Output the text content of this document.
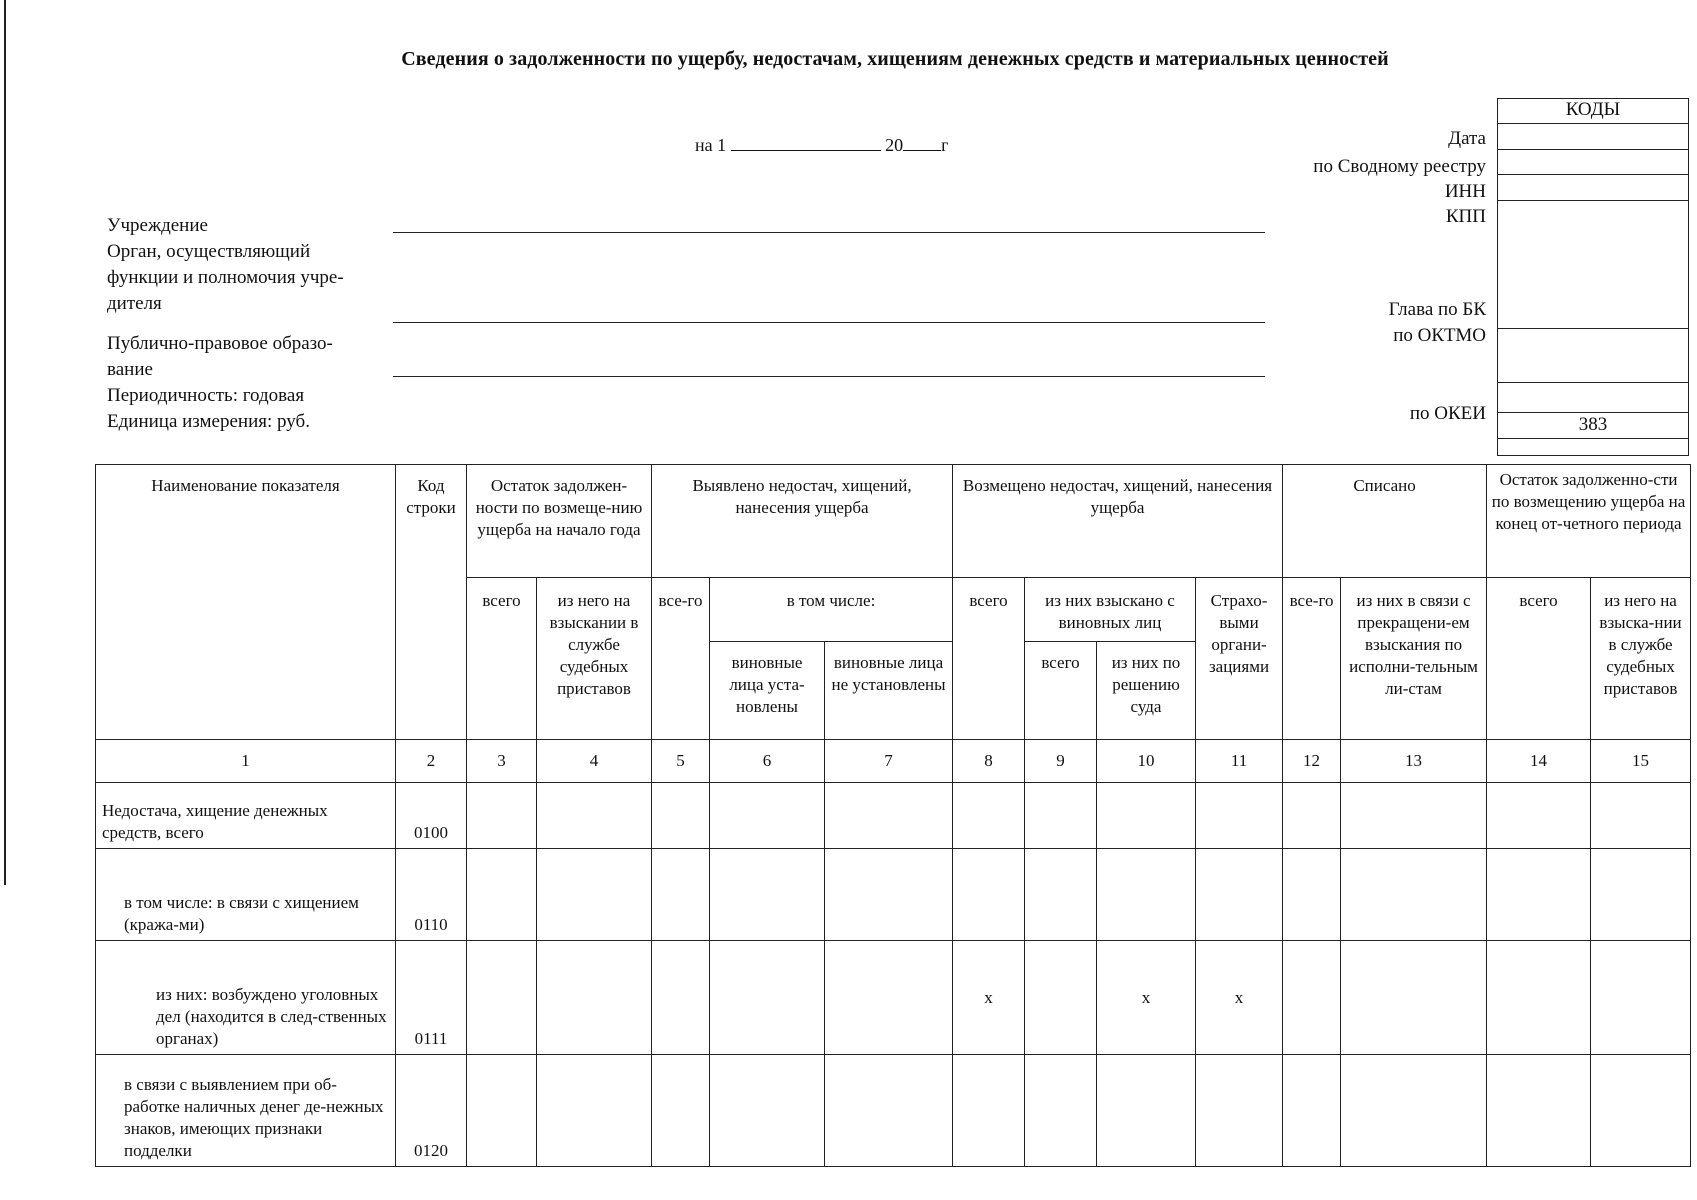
Сведения о задолженности по ущербу, недостачам, хищениям денежных средств и материальных ценностей
на 1	20 г
Учреждение
Орган, осуществляющий
функции и полномочия учре-
дителя
Публично-правовое образо-
вание
Периодичность: годовая
Единица измерения: руб.
Дата
по Сводному реестру
ИНН
КПП
Глава по БК
по ОКТМО
по ОКЕИ
КОДЫ
383
Наименование показателя	Код строки	Остаток задолжен-ности по возмеще-нию ущерба на начало года		Выявлено недостач, хищений, нанесения ущерба			Возмещено недостач, хищений, нанесения ущерба				Списано		Остаток задолженно-сти по возмещению ущерба на конец от-четного периода	
		всего	из него на взыскании в службе судебных приставов	все-го	в том числе:		всего	из них взыскано с виновных лиц		Страхо-выми органи-зациями	все-го	из них в связи с прекращени-ем взыскания по исполни-тельным ли-стам	всего	из него на взыска-нии в службе судебных приставов
					виновные лица уста-новлены	виновные лица не установлены		всего	из них по решению суда					
1	2	3	4	5	6	7	8	9	10	11	12	13	14	15
Недостача, хищение денежных средств, всего	0100													
в том числе: в связи с хищением (кража-ми)	0110													
из них: возбуждено уголовных дел (находится в след-ственных органах)	0111						х		х	х				
в связи с выявлением при об-работке наличных денег де-нежных знаков, имеющих признаки подделки	0120													
